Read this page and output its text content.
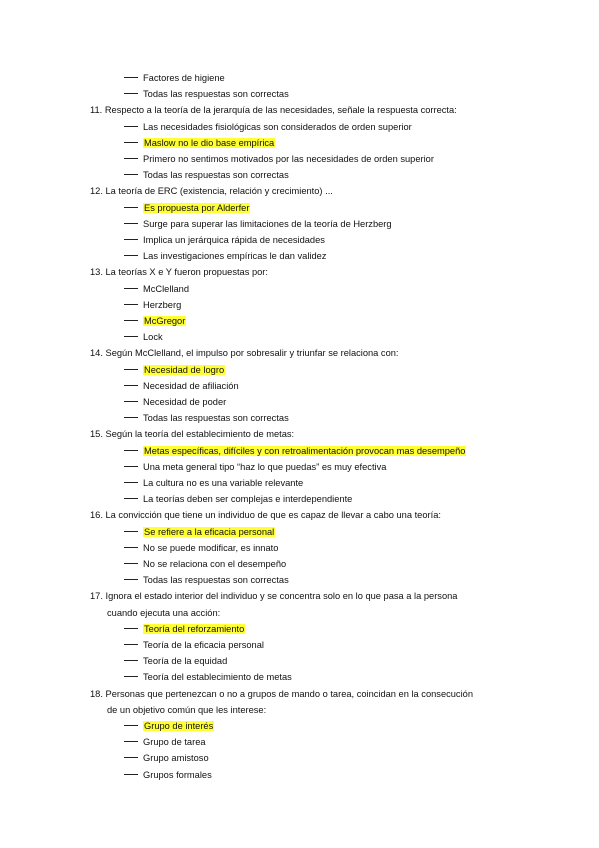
Factores de higiene
Todas las respuestas son correctas
11. Respecto a la teoría de la jerarquía de las necesidades, señale la respuesta correcta:
Las necesidades fisiológicas son considerados de orden superior
Maslow no le dio base empírica
Primero no sentimos motivados por las necesidades de orden superior
Todas las respuestas son correctas
12. La teoría de ERC (existencia, relación y crecimiento) ...
Es propuesta por Alderfer
Surge para superar las limitaciones de la teoría de Herzberg
Implica un jerárquica rápida de necesidades
Las investigaciones empíricas le dan validez
13. La teorías X e Y fueron propuestas por:
McClelland
Herzberg
McGregor
Lock
14. Según McClelland, el impulso por sobresalir y triunfar se relaciona con:
Necesidad de logro
Necesidad de afiliación
Necesidad de poder
Todas las respuestas son correctas
15. Según la teoría del establecimiento de metas:
Metas específicas, difíciles y con retroalimentación provocan mas desempeño
Una meta general tipo “haz lo que puedas” es muy efectiva
La cultura no es una variable relevante
La teorías deben ser complejas e interdependiente
16. La convicción que tiene un individuo de que es capaz de llevar a cabo una teoría:
Se refiere a la eficacia personal
No se puede modificar, es innato
No se relaciona con el desempeño
Todas las respuestas son correctas
17. Ignora el estado interior del individuo y se concentra solo en lo que pasa a la persona
cuando ejecuta una acción:
Teoría del reforzamiento
Teoría de la eficacia personal
Teoría de la equidad
Teoría del establecimiento de metas
18. Personas que pertenezcan o no a grupos de mando o tarea, coincidan en la consecución
de un objetivo común que les interese:
Grupo de interés
Grupo de tarea
Grupo amistoso
Grupos formales
